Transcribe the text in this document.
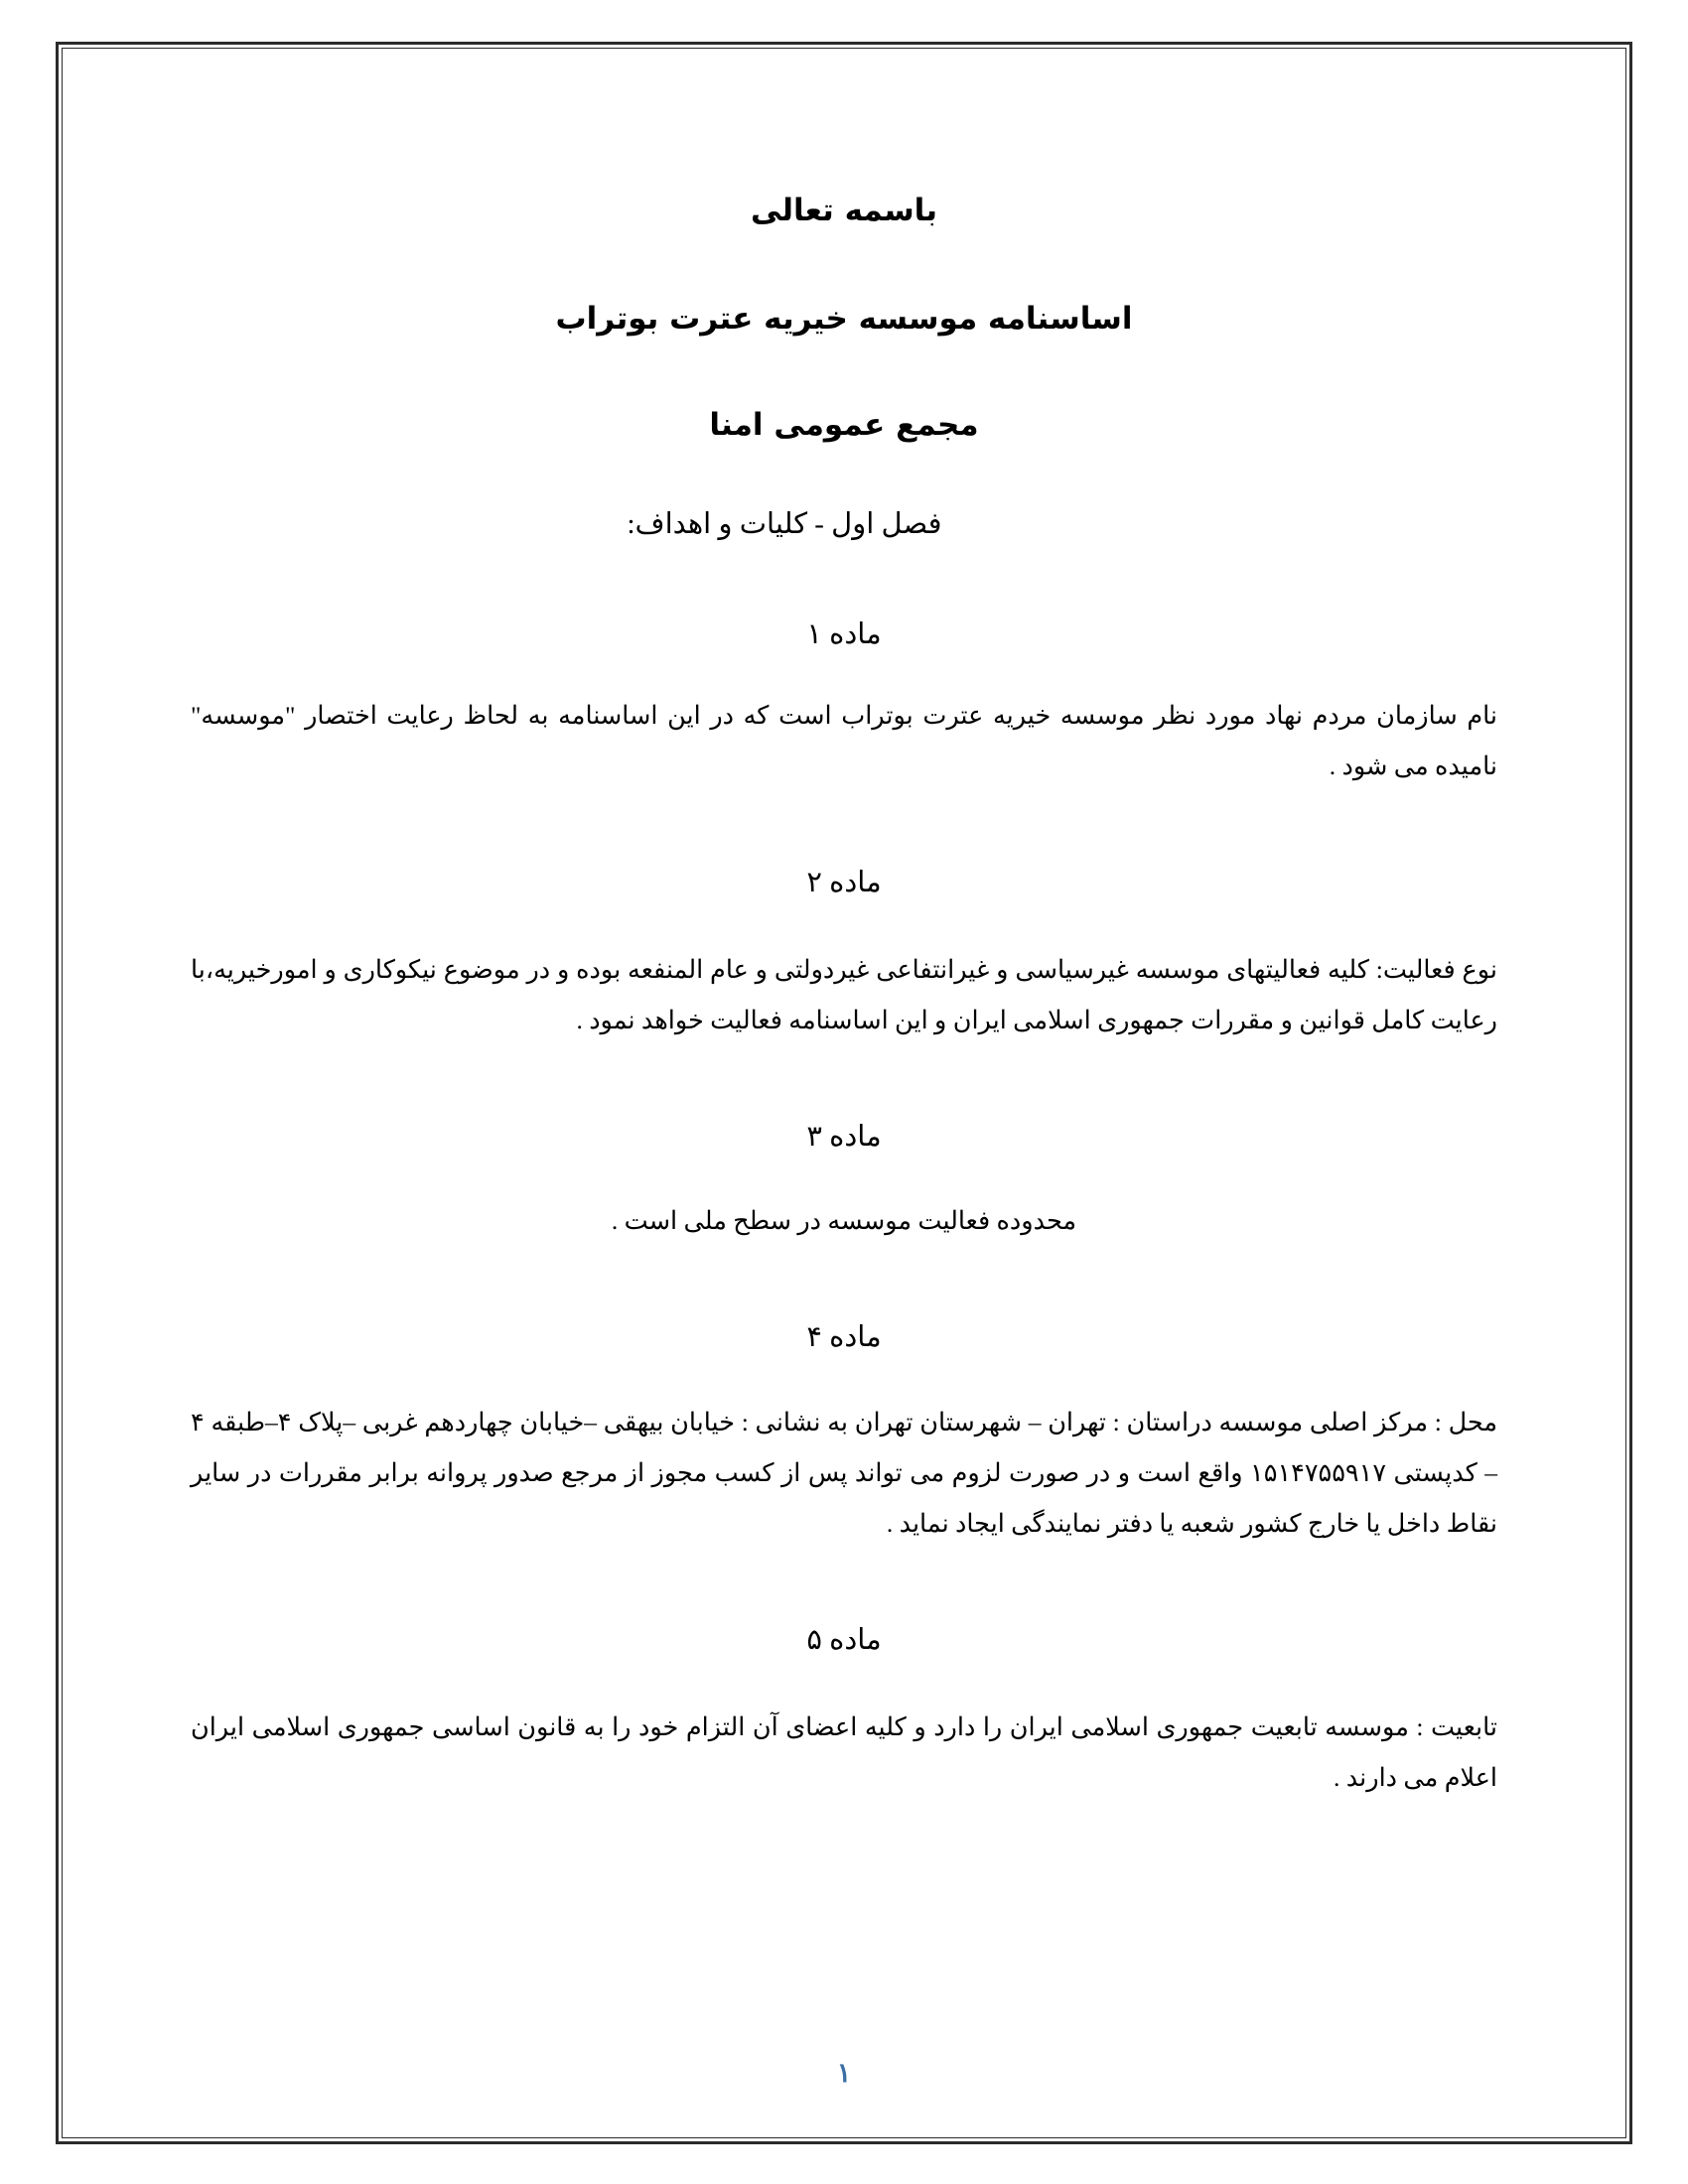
باسمه تعالی
اساسنامه موسسه خیریه عترت بوتراب
مجمع عمومی امنا
فصل اول - کلیات و اهداف:
ماده ۱

نام سازمان مردم نهاد مورد نظر موسسه خیریه عترت بوتراب است که در این اساسنامه به لحاظ رعایت اختصار "موسسه" نامیده می شود .

ماده ۲

نوع فعالیت: کلیه فعالیتهای موسسه غیرسیاسی و غیرانتفاعی غیردولتی و عام المنفعه بوده و در موضوع نیکوکاری و امورخیریه،با رعایت کامل قوانین و مقررات جمهوری اسلامی ایران و این اساسنامه فعالیت خواهد نمود .

ماده ۳

محدوده فعالیت موسسه در سطح ملی است .

ماده ۴

محل : مرکز اصلی موسسه دراستان : تهران – شهرستان تهران به نشانی : خیابان بیهقی –خیابان چهاردهم غربی –پلاک ۴–طبقه ۴ – کدپستی ۱۵۱۴۷۵۵۹۱۷ واقع است و در صورت لزوم می تواند پس از کسب مجوز از مرجع صدور پروانه برابر مقررات در سایر نقاط داخل یا خارج کشور شعبه یا دفتر نمایندگی ایجاد نماید .

ماده ۵

تابعیت : موسسه تابعیت جمهوری اسلامی ایران را دارد و کلیه اعضای آن التزام خود را به قانون اساسی جمهوری اسلامی ایران اعلام می دارند .

۱
